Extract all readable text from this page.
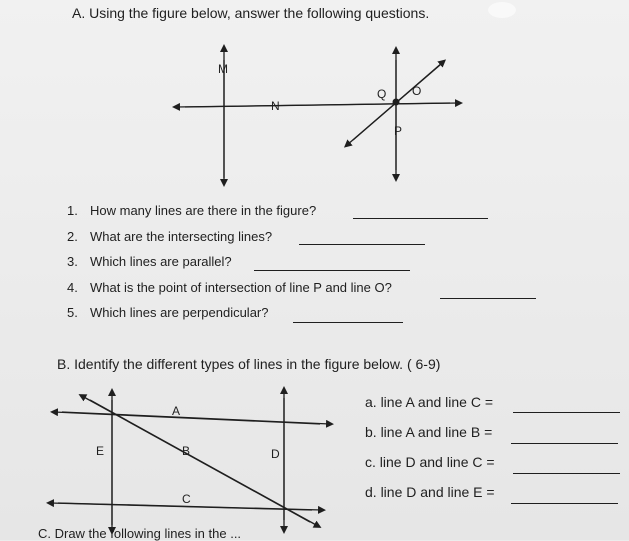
A. Using the figure below, answer the following questions.
M
N
Q O
P
1. How many lines are there in the figure?
2. What are the intersecting lines?
3. Which lines are parallel?
4. What is the point of intersection of line P and line O?
5. Which lines are perpendicular?
B. Identify the different types of lines in the figure below. ( 6-9)
A
B
C
D
E
a. line A and line C =
b. line A and line B =
c. line D and line C =
d. line D and line E =
C. Draw the following lines in the ...
